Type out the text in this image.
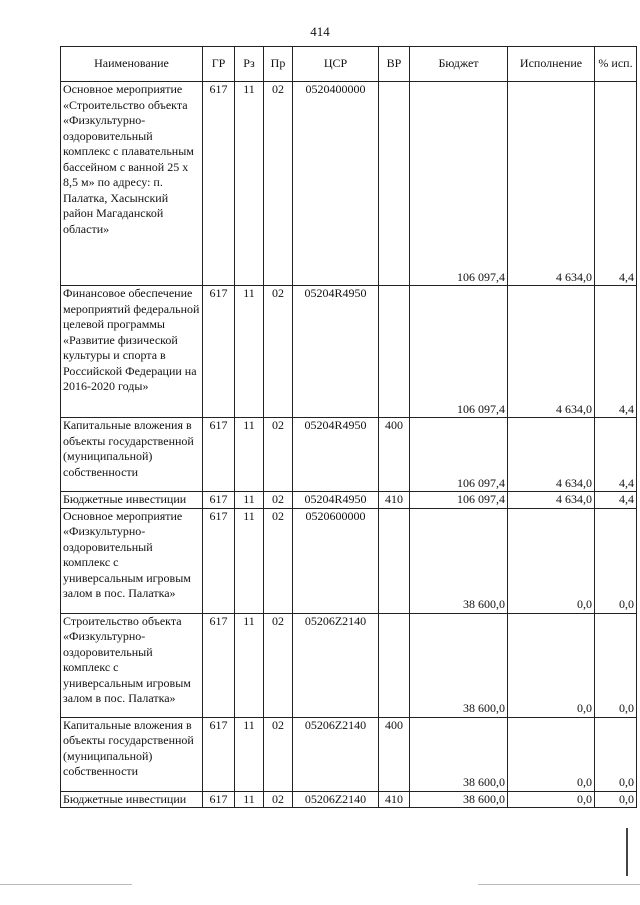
414
Наименование	ГР	Рз	Пр	ЦСР	ВР	Бюджет	Исполнение	% исп.
Основное мероприятие «Строительство объекта «Физкультурно-оздоровительный комплекс с плавательным бассейном с ванной 25 х 8,5 м» по адресу: п. Палатка, Хасынский район Магаданской области»	617	11	02	0520400000		106 097,4	4 634,0	4,4
Финансовое обеспечение мероприятий федеральной целевой программы «Развитие физической культуры и спорта в Российской Федерации на 2016-2020 годы»	617	11	02	05204R4950		106 097,4	4 634,0	4,4
Капитальные вложения в объекты государственной (муниципальной) собственности	617	11	02	05204R4950	400	106 097,4	4 634,0	4,4
Бюджетные инвестиции	617	11	02	05204R4950	410	106 097,4	4 634,0	4,4
Основное мероприятие «Физкультурно-оздоровительный комплекс с универсальным игровым залом в пос. Палатка»	617	11	02	0520600000		38 600,0	0,0	0,0
Строительство объекта «Физкультурно-оздоровительный комплекс с универсальным игровым залом в пос. Палатка»	617	11	02	05206Z2140		38 600,0	0,0	0,0
Капитальные вложения в объекты государственной (муниципальной) собственности	617	11	02	05206Z2140	400	38 600,0	0,0	0,0
Бюджетные инвестиции	617	11	02	05206Z2140	410	38 600,0	0,0	0,0
